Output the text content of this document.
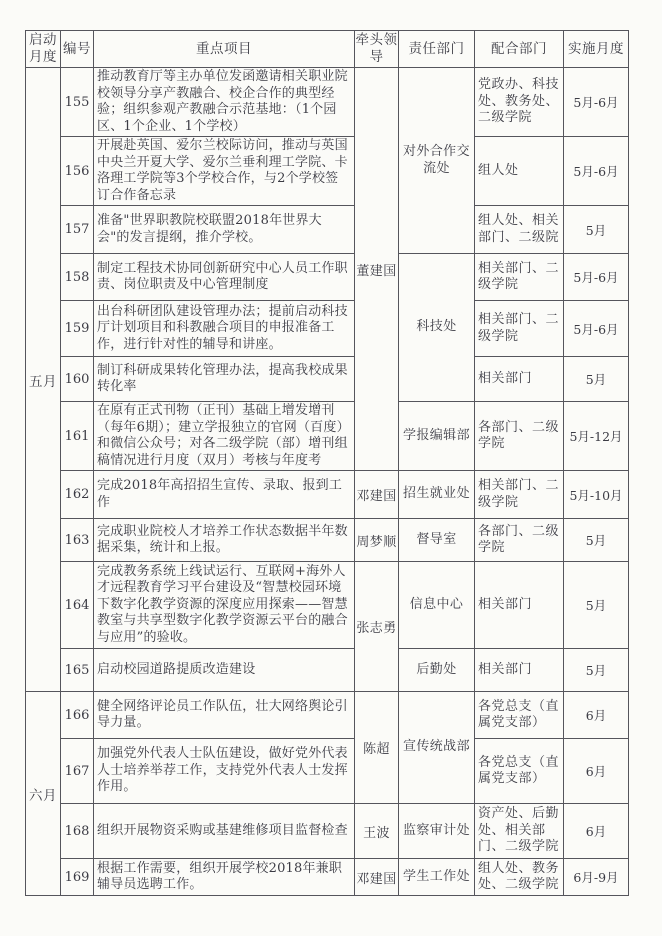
启动月度	编号	重点项目	牵头领导	责任部门	配合部门	实施月度
五月	155	推动教育厅等主办单位发函邀请相关职业院校领导分享产教融合、校企合作的典型经验；组织参观产教融合示范基地：（1个园区、1个企业、1个学校）	董建国	对外合作交流处	党政办、科技处、教务处、二级学院	5月-6月
	156	开展赴英国、爱尔兰校际访问，推动与英国中央兰开夏大学、爱尔兰垂利理工学院、卡洛理工学院等3个学校合作，与2个学校签订合作备忘录			组人处	5月-6月
	157	准备"世界职教院校联盟2018年世界大会"的发言提纲，推介学校。			组人处、相关部门、二级院	5月
	158	制定工程技术协同创新研究中心人员工作职责、岗位职责及中心管理制度		科技处	相关部门、二级学院	5月-6月
	159	出台科研团队建设管理办法；提前启动科技厅计划项目和科教融合项目的申报准备工作，进行针对性的辅导和讲座。			相关部门、二级学院	5月-6月
	160	制订科研成果转化管理办法，提高我校成果转化率			相关部门	5月
	161	在原有正式刊物（正刊）基础上增发增刊（每年6期）；建立学报独立的官网（百度）和微信公众号；对各二级学院（部）增刊组稿情况进行月度（双月）考核与年度考		学报编辑部	各部门、二级学院	5月-12月
	162	完成2018年高招招生宣传、录取、报到工作	邓建国	招生就业处	相关部门、二级学院	5月-10月
	163	完成职业院校人才培养工作状态数据半年数据采集，统计和上报。	周梦顺	督导室	各部门、二级学院	5月
	164	完成教务系统上线试运行、互联网+海外人才远程教育学习平台建设及“智慧校园环境下数字化教学资源的深度应用探索——智慧教室与共享型数字化教学资源云平台的融合与应用”的验收。	张志勇	信息中心	相关部门	5月
	165	启动校园道路提质改造建设		后勤处	相关部门	5月
六月	166	健全网络评论员工作队伍，壮大网络舆论引导力量。	陈超	宣传统战部	各党总支（直属党支部）	6月
	167	加强党外代表人士队伍建设，做好党外代表人士培养举荐工作，支持党外代表人士发挥作用。			各党总支（直属党支部）	6月
	168	组织开展物资采购或基建维修项目监督检查	王波	监察审计处	资产处、后勤处、相关部门、二级学院	6月
	169	根据工作需要，组织开展学校2018年兼职辅导员选聘工作。	邓建国	学生工作处	组人处、教务处、二级学院	6月-9月
